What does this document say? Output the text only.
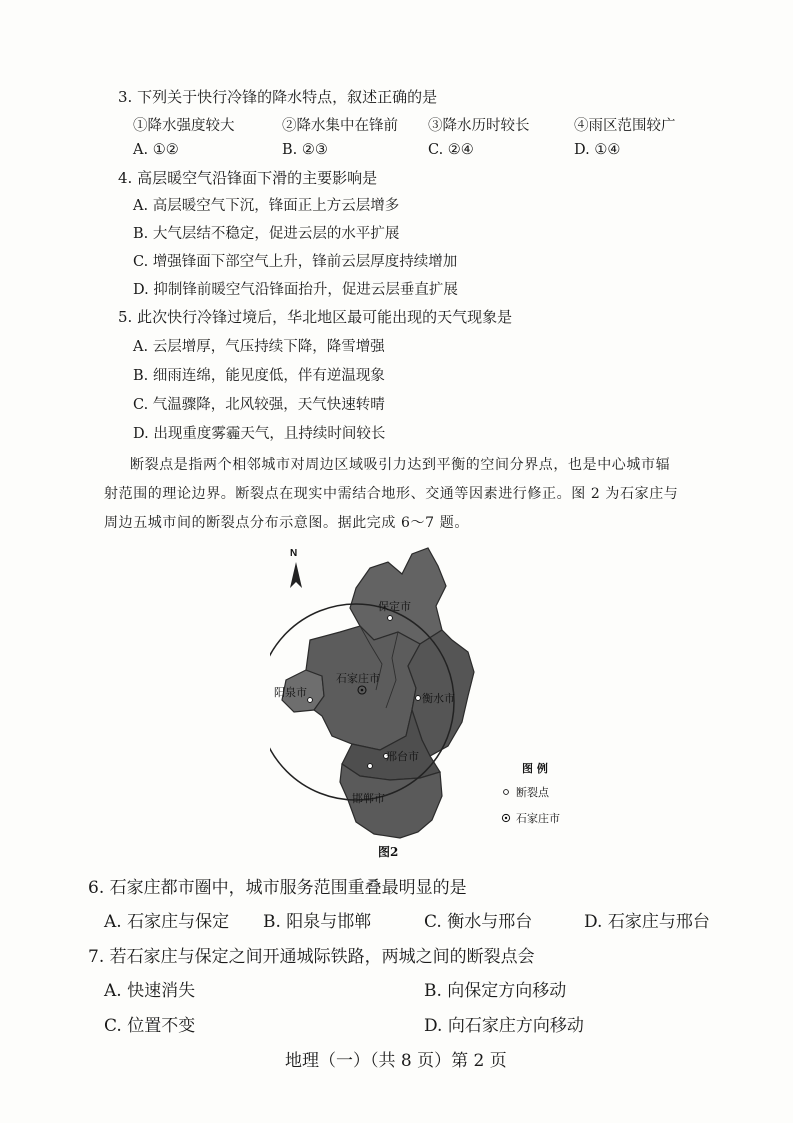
3. 下列关于快行冷锋的降水特点，叙述正确的是
①降水强度较大	②降水集中在锋前 ③降水历时较长	④雨区范围较广
A. ①②	B. ②③	C. ②④	D. ①④
4. 高层暖空气沿锋面下滑的主要影响是
A. 高层暖空气下沉，锋面正上方云层增多
B. 大气层结不稳定，促进云层的水平扩展
C. 增强锋面下部空气上升，锋前云层厚度持续增加
D. 抑制锋前暖空气沿锋面抬升，促进云层垂直扩展
5. 此次快行冷锋过境后，华北地区最可能出现的天气现象是
A. 云层增厚，气压持续下降，降雪增强
B. 细雨连绵，能见度低，伴有逆温现象
C. 气温骤降，北风较强，天气快速转晴
D. 出现重度雾霾天气，且持续时间较长
断裂点是指两个相邻城市对周边区域吸引力达到平衡的空间分界点，也是中心城市辐
射范围的理论边界。断裂点在现实中需结合地形、交通等因素进行修正。图 2 为石家庄与
周边五城市间的断裂点分布示意图。据此完成 6～7 题。
N
保定市
阳泉市
石家庄市
衡水市
邢台市
邯郸市
图 例
断裂点
石家庄市
图2
6. 石家庄都市圈中，城市服务范围重叠最明显的是
A. 石家庄与保定 B. 阳泉与邯郸	C. 衡水与邢台	D. 石家庄与邢台
7. 若石家庄与保定之间开通城际铁路，两城之间的断裂点会
A. 快速消失	B. 向保定方向移动
C. 位置不变	D. 向石家庄方向移动
地理（一）（共 8 页）第 2 页
